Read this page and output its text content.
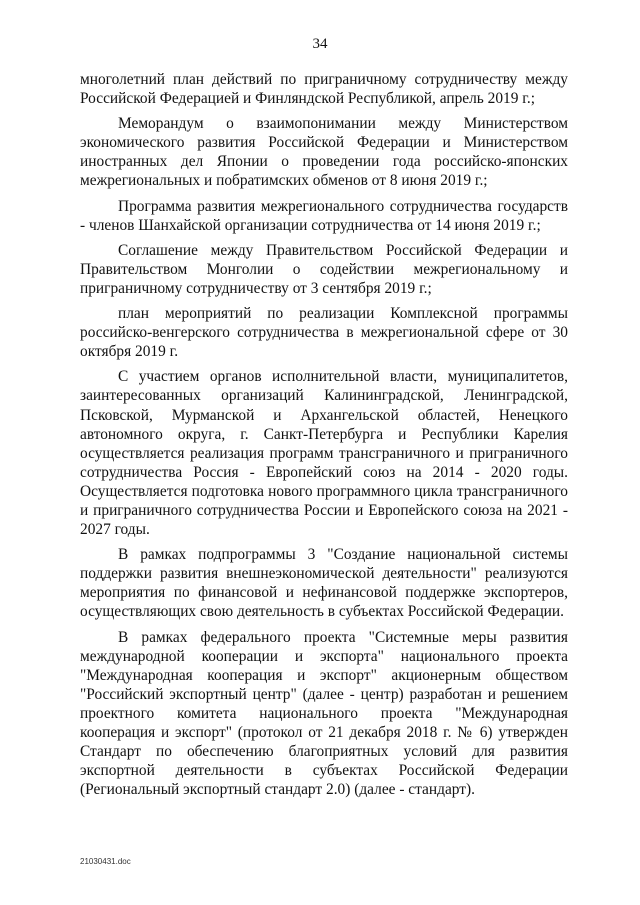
34

многолетний план действий по приграничному сотрудничеству между Российской Федерацией и Финляндской Республикой, апрель 2019 г.;

Меморандум о взаимопонимании между Министерством экономического развития Российской Федерации и Министерством иностранных дел Японии о проведении года российско-японских межрегиональных и побратимских обменов от 8 июня 2019 г.;

Программа развития межрегионального сотрудничества государств - членов Шанхайской организации сотрудничества от 14 июня 2019 г.;

Соглашение между Правительством Российской Федерации и Правительством Монголии о содействии межрегиональному и приграничному сотрудничеству от 3 сентября 2019 г.;

план мероприятий по реализации Комплексной программы российско-венгерского сотрудничества в межрегиональной сфере от 30 октября 2019 г.

С участием органов исполнительной власти, муниципалитетов, заинтересованных организаций Калининградской, Ленинградской, Псковской, Мурманской и Архангельской областей, Ненецкого автономного округа, г. Санкт-Петербурга и Республики Карелия осуществляется реализация программ трансграничного и приграничного сотрудничества Россия - Европейский союз на 2014 - 2020 годы. Осуществляется подготовка нового программного цикла трансграничного и приграничного сотрудничества России и Европейского союза на 2021 - 2027 годы.

В рамках подпрограммы 3 "Создание национальной системы поддержки развития внешнеэкономической деятельности" реализуются мероприятия по финансовой и нефинансовой поддержке экспортеров, осуществляющих свою деятельность в субъектах Российской Федерации.

В рамках федерального проекта "Системные меры развития международной кооперации и экспорта" национального проекта "Международная кооперация и экспорт" акционерным обществом "Российский экспортный центр" (далее - центр) разработан и решением проектного комитета национального проекта "Международная кооперация и экспорт" (протокол от 21 декабря 2018 г. № 6) утвержден Стандарт по обеспечению благоприятных условий для развития экспортной деятельности в субъектах Российской Федерации (Региональный экспортный стандарт 2.0) (далее - стандарт).

21030431.doc
